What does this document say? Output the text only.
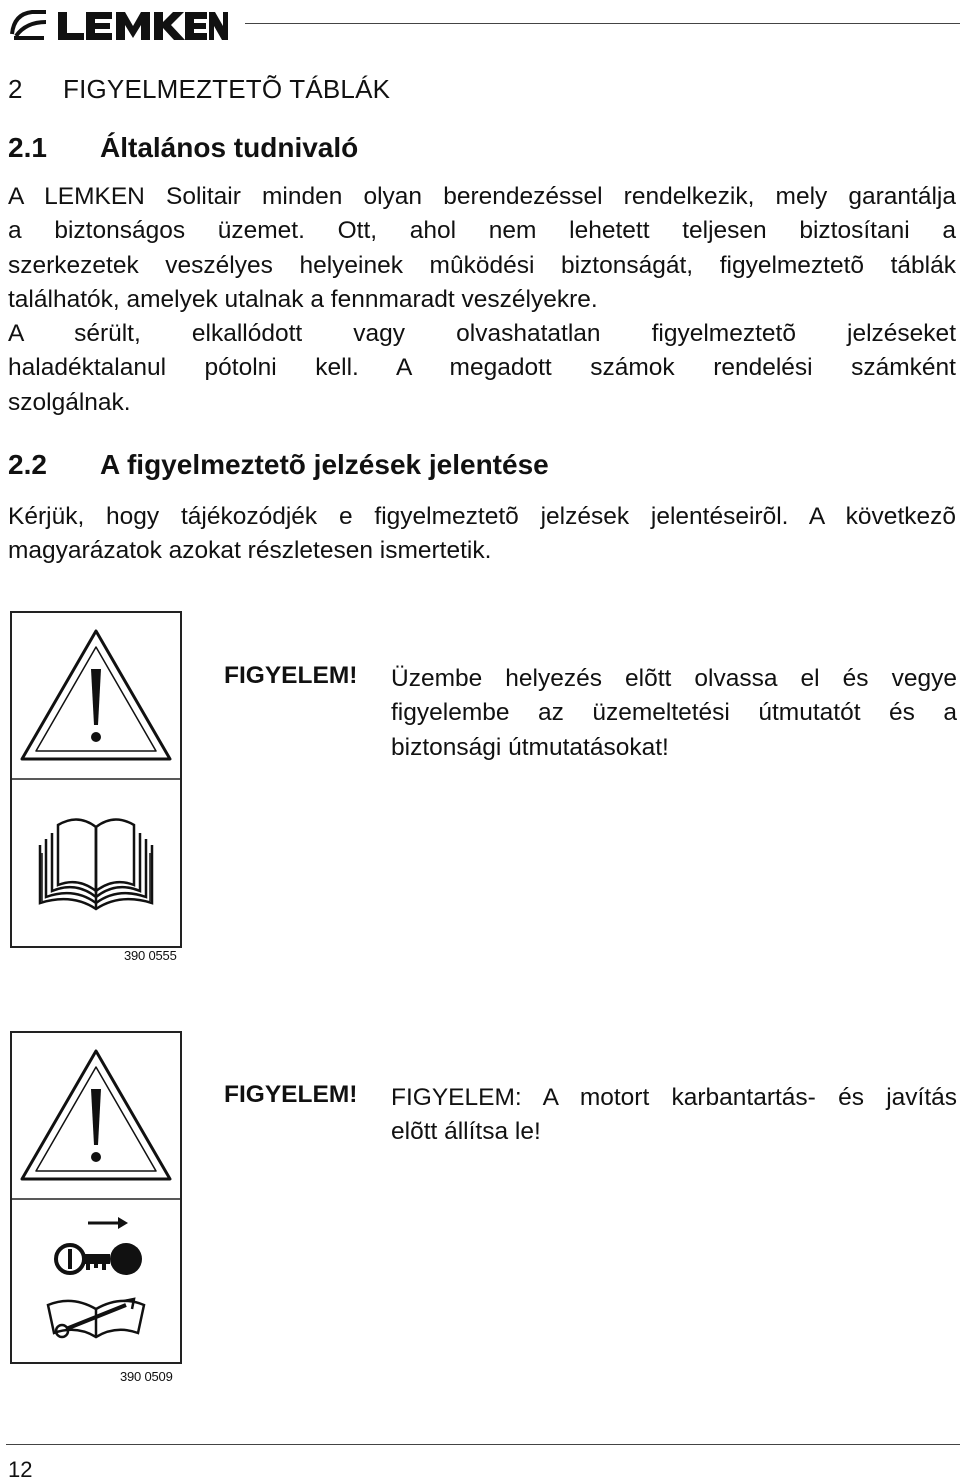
2 FIGYELMEZTETÕ TÁBLÁK
2.1 Általános tudnivaló
A LEMKEN Solitair minden olyan berendezéssel rendelkezik, mely garantálja
a biztonságos üzemet. Ott, ahol nem lehetett teljesen biztosítani a
szerkezetek veszélyes helyeinek mûködési biztonságát, figyelmeztetõ táblák
találhatók, amelyek utalnak a fennmaradt veszélyekre.
A sérült, elkallódott vagy olvashatatlan figyelmeztetõ jelzéseket
haladéktalanul pótolni kell. A megadott számok rendelési számként
szolgálnak.
2.2 A figyelmeztetõ jelzések jelentése
Kérjük, hogy tájékozódjék e figyelmeztetõ jelzések jelentéseirõl. A következõ
magyarázatok azokat részletesen ismertetik.
390 0555
FIGYELEM! Üzembe helyezés elõtt olvassa el és vegye
figyelembe az üzemeltetési útmutatót és a
biztonsági útmutatásokat!
390 0509
FIGYELEM! FIGYELEM: A motort karbantartás- és javítás
elõtt állítsa le!
12
